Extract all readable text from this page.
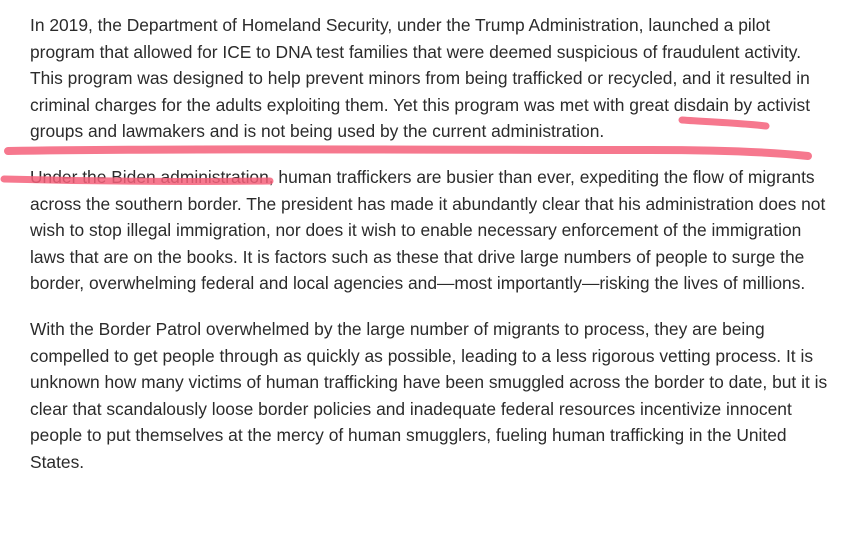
In 2019, the Department of Homeland Security, under the Trump Administration, launched a pilot program that allowed for ICE to DNA test families that were deemed suspicious of fraudulent activity. This program was designed to help prevent minors from being trafficked or recycled, and it resulted in criminal charges for the adults exploiting them. Yet this program was met with great disdain by activist groups and lawmakers and is not being used by the current administration.

Under the Biden administration, human traffickers are busier than ever, expediting the flow of migrants across the southern border. The president has made it abundantly clear that his administration does not wish to stop illegal immigration, nor does it wish to enable necessary enforcement of the immigration laws that are on the books. It is factors such as these that drive large numbers of people to surge the border, overwhelming federal and local agencies and—most importantly—risking the lives of millions.

With the Border Patrol overwhelmed by the large number of migrants to process, they are being compelled to get people through as quickly as possible, leading to a less rigorous vetting process. It is unknown how many victims of human trafficking have been smuggled across the border to date, but it is clear that scandalously loose border policies and inadequate federal resources incentivize innocent people to put themselves at the mercy of human smugglers, fueling human trafficking in the United States.
